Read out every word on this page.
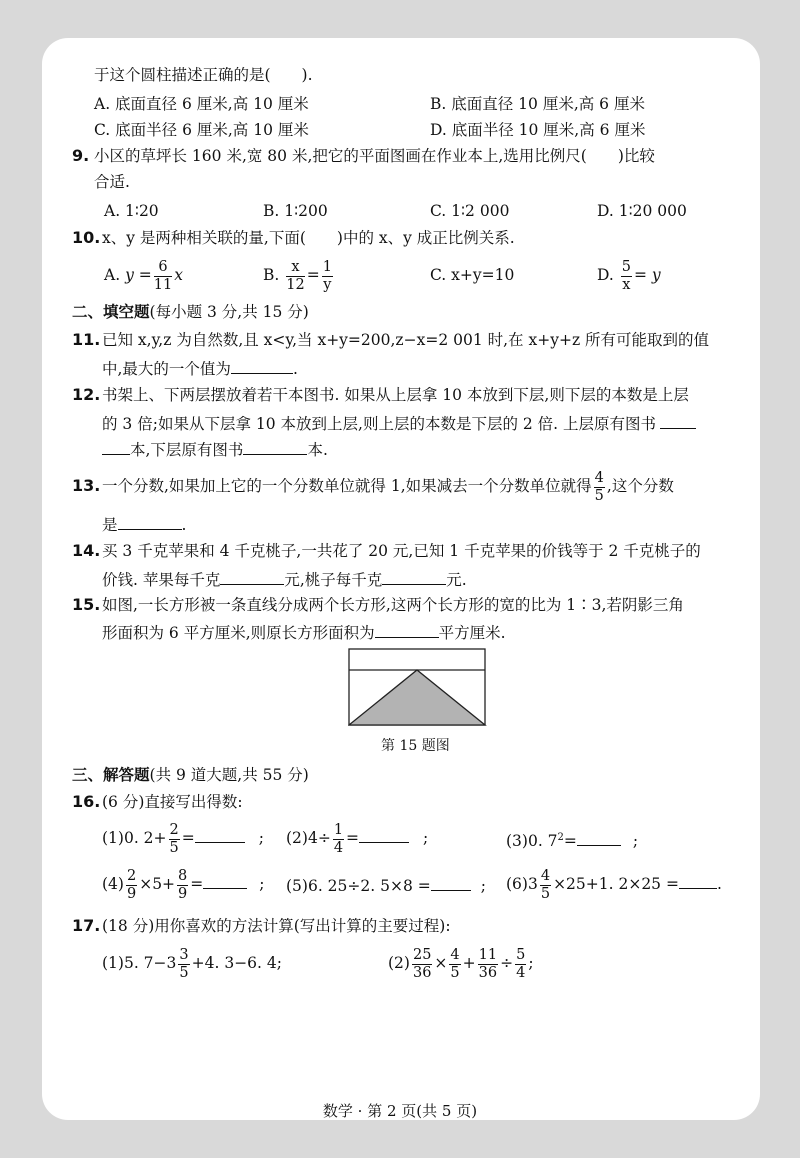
于这个圆柱描述正确的是(　　).
A. 底面直径 6 厘米,高 10 厘米	B. 底面直径 10 厘米,高 6 厘米
C. 底面半径 6 厘米,高 10 厘米	D. 底面半径 10 厘米,高 6 厘米
9. 小区的草坪长 160 米,宽 80 米,把它的平面图画在作业本上,选用比例尺(　　)比较
合适.
A. 1∶20	B. 1∶200	C. 1∶2 000	D. 1∶20 000
10. x、y 是两种相关联的量,下面(　　)中的 x、y 成正比例关系.
A. $y = \frac{6}{11}$ x	B. $\frac{x}{12} = \frac{1}{y}$	C. x+y=10	D. $\frac{5}{x} = y$
二、填空题(每小题 3 分,共 15 分)
11. 已知 x,y,z 为自然数,且 x<y,当 x+y=200,z−x=2 001 时,在 x+y+z 所有可能取到的值
中,最大的一个值为	.
12. 书架上、下两层摆放着若干本图书. 如果从上层拿 10 本放到下层,则下层的本数是上层
的 3 倍;如果从下层拿 10 本放到上层,则上层的本数是下层的 2 倍. 上层原有图书
本,下层原有图书	本.
13. 一个分数,如果加上它的一个分数单位就得 1,如果减去一个分数单位就得 $\frac{4}{5}$ ,这个分数
是	.
14. 买 3 千克苹果和 4 千克桃子,一共花了 20 元,已知 1 千克苹果的价钱等于 2 千克桃子的
价钱. 苹果每千克	元,桃子每千克	元.
15. 如图,一长方形被一条直线分成两个长方形,这两个长方形的宽的比为 1∶3,若阴影三角
形面积为 6 平方厘米,则原长方形面积为	平方厘米.
第 15 题图
三、解答题(共 9 道大题,共 55 分)
16. (6 分)直接写出得数:
(1)0. $2+ \frac{2}{5}$ =	; $(2)4\div \frac{1}{4}$ =	;	(3)0. $7^2=$	;
$(4) \frac{2}{9} \times 5+ \frac{8}{9}$ =	; (5)6. 25÷2. 5×8 =	; $(6)3 \frac{4}{5} \times 25+1$. 2×25 = .
17. (18 分)用你喜欢的方法计算(写出计算的主要过程):
(1)5. $7-3 \frac{3}{5} +4$. 3−6. 4;	$(2) \frac{25}{36} \times \frac{4}{5} + \frac{11}{36} \div \frac{5}{4}$ ;
数学 · 第 2 页(共 5 页)
